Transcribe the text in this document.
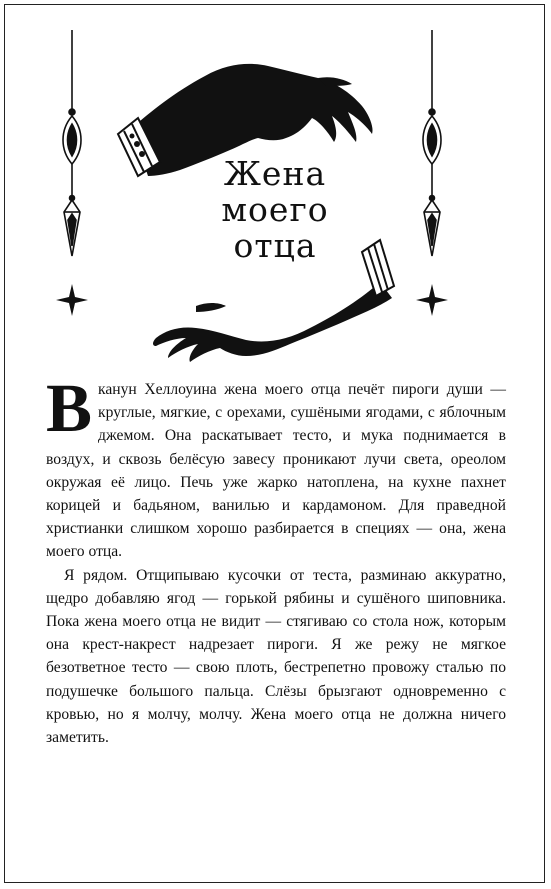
Жена
моего
отца

Вканун Хеллоуина жена моего отца печёт пироги души — круглые, мягкие, с орехами, сушёными ягодами, с яблочным джемом. Она раскатывает тесто, и мука поднимается в воздух, и сквозь белёсую завесу проникают лучи света, ореолом окружая её лицо. Печь уже жарко натоплена, на кухне пахнет корицей и бадьяном, ванилью и кардамоном. Для праведной христианки слишком хорошо разбирается в специях — она, жена моего отца.

Я рядом. Отщипываю кусочки от теста, разминаю аккуратно, щедро добавляю ягод — горькой рябины и сушёного шиповника. Пока жена моего отца не видит — стягиваю со стола нож, которым она крест-накрест надрезает пироги. Я же режу не мягкое безответное тесто — свою плоть, бестрепетно провожу сталью по подушечке большого пальца. Слёзы брызгают одновременно с кровью, но я молчу, молчу. Жена моего отца не должна ничего заметить.
